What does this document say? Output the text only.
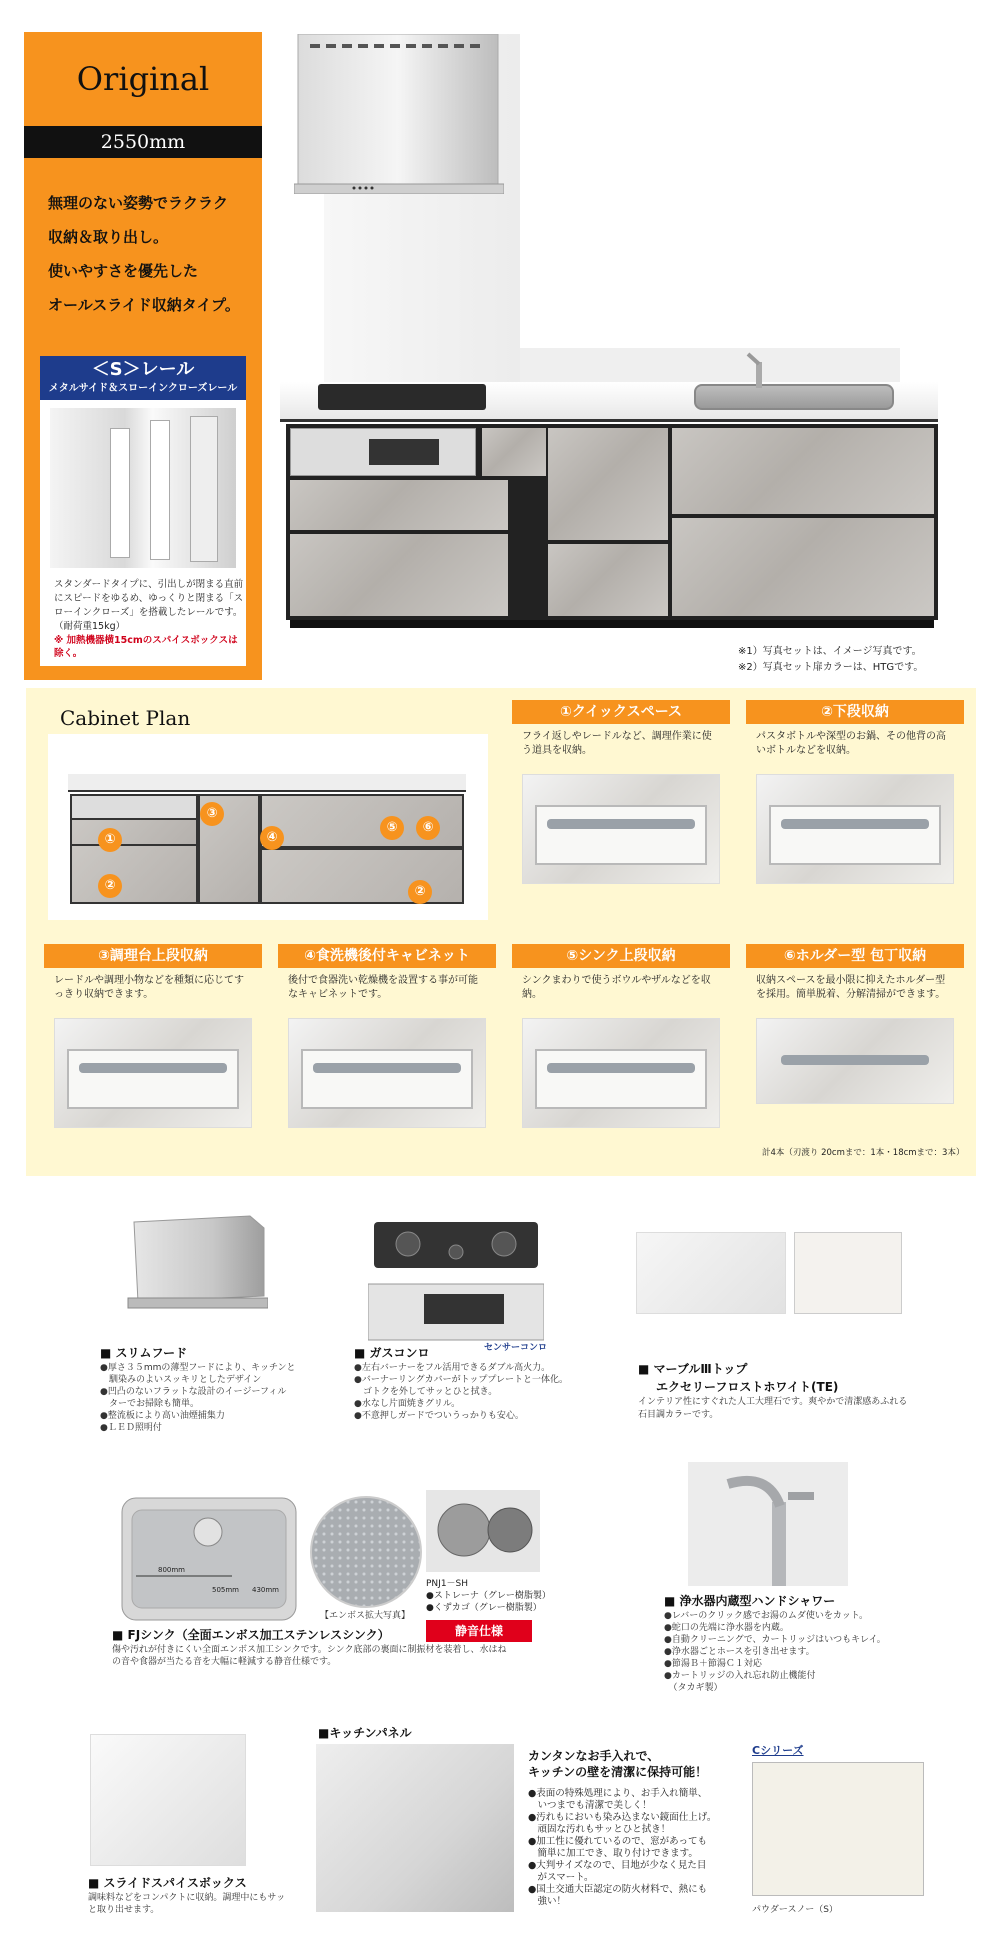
Original
2550mm
無理のない姿勢でラクラク
収納＆取り出し。
使いやすさを優先した
オールスライド収納タイプ。
＜S＞レール
メタルサイド＆スローインクローズレール
スタンダードタイプに、引出しが閉まる直前にスピードをゆるめ、ゆっくりと閉まる「スローインクローズ」を搭載したレールです。（耐荷重15kg）
※ 加熱機器横15cmのスパイスボックスは除く。	※1）写真セットは、イメージ写真です。
※2）写真セット扉カラーは、HTGです。
Cabinet Plan
①
②
③
④
⑤	⑥
②
①クイックスペース
フライ返しやレードルなど、調理作業に使う道具を収納。
②下段収納
パスタボトルや深型のお鍋、その他背の高いボトルなどを収納。
③調理台上段収納
レードルや調理小物などを種類に応じてすっきり収納できます。
④食洗機後付キャビネット
後付で食器洗い乾燥機を設置する事が可能なキャビネットです。
⑤シンク上段収納
シンクまわりで使うボウルやザルなどを収納。
⑥ホルダー型 包丁収納
収納スペースを最小限に抑えたホルダー型を採用。簡単脱着、分解清掃ができます。
計4本（刃渡り 20cmまで：1本・18cmまで：3本）
■ スリムフード
●厚さ３５mmの薄型フードにより、キッチンと
　馴染みのよいスッキリとしたデザイン
●凹凸のないフラットな設計のイージーフィル
　ターでお掃除も簡単。
●整流板により高い油煙捕集力
●ＬＥＤ照明付
センサーコンロ
■ ガスコンロ
●左右バーナーをフル活用できるダブル高火力。
●バーナーリングカバーがトッププレートと一体化。
　ゴトクを外してサッとひと拭き。
●水なし片面焼きグリル。
●不意押しガードでついうっかりも安心。
■ マーブルⅢトップ
エクセリーフロストホワイト(TE)
インテリア性にすぐれた人工大理石です。爽やかで清潔感あふれる石目調カラーです。
800mm
505mm 430mm
【エンボス拡大写真】
PNJ1－SH
●ストレーナ（グレー樹脂製）
●くずカゴ（グレー樹脂製）
静音仕様
■ FJシンク（全面エンボス加工ステンレスシンク）
傷や汚れが付きにくい全面エンボス加工シンクです。シンク底部の裏面に制振材を装着し、水はねの音や食器が当たる音を大幅に軽減する静音仕様です。
■ 浄水器内蔵型ハンドシャワー
●レバーのクリック感でお湯のムダ使いをカット。
●蛇口の先端に浄水器を内蔵。
●自動クリーニングで、カートリッジはいつもキレイ。
●浄水器ごとホースを引き出せます。
●節湯Ｂ＋節湯Ｃ１対応
●カートリッジの入れ忘れ防止機能付
　（タカギ製）
■ スライドスパイスボックス
調味料などをコンパクトに収納。調理中にもサッと取り出せます。
■キッチンパネル
カンタンなお手入れで、
キッチンの壁を清潔に保持可能！
●表面の特殊処理により、お手入れ簡単、
　いつまでも清潔で美しく！
●汚れもにおいも染み込まない鏡面仕上げ。
　頑固な汚れもサッとひと拭き！
●加工性に優れているので、窓があっても
　簡単に加工でき、取り付けできます。
●大判サイズなので、目地が少なく見た目
　がスマート。
●国土交通大臣認定の防火材料で、熱にも
　強い！
Cシリーズ
パウダースノー（S）
